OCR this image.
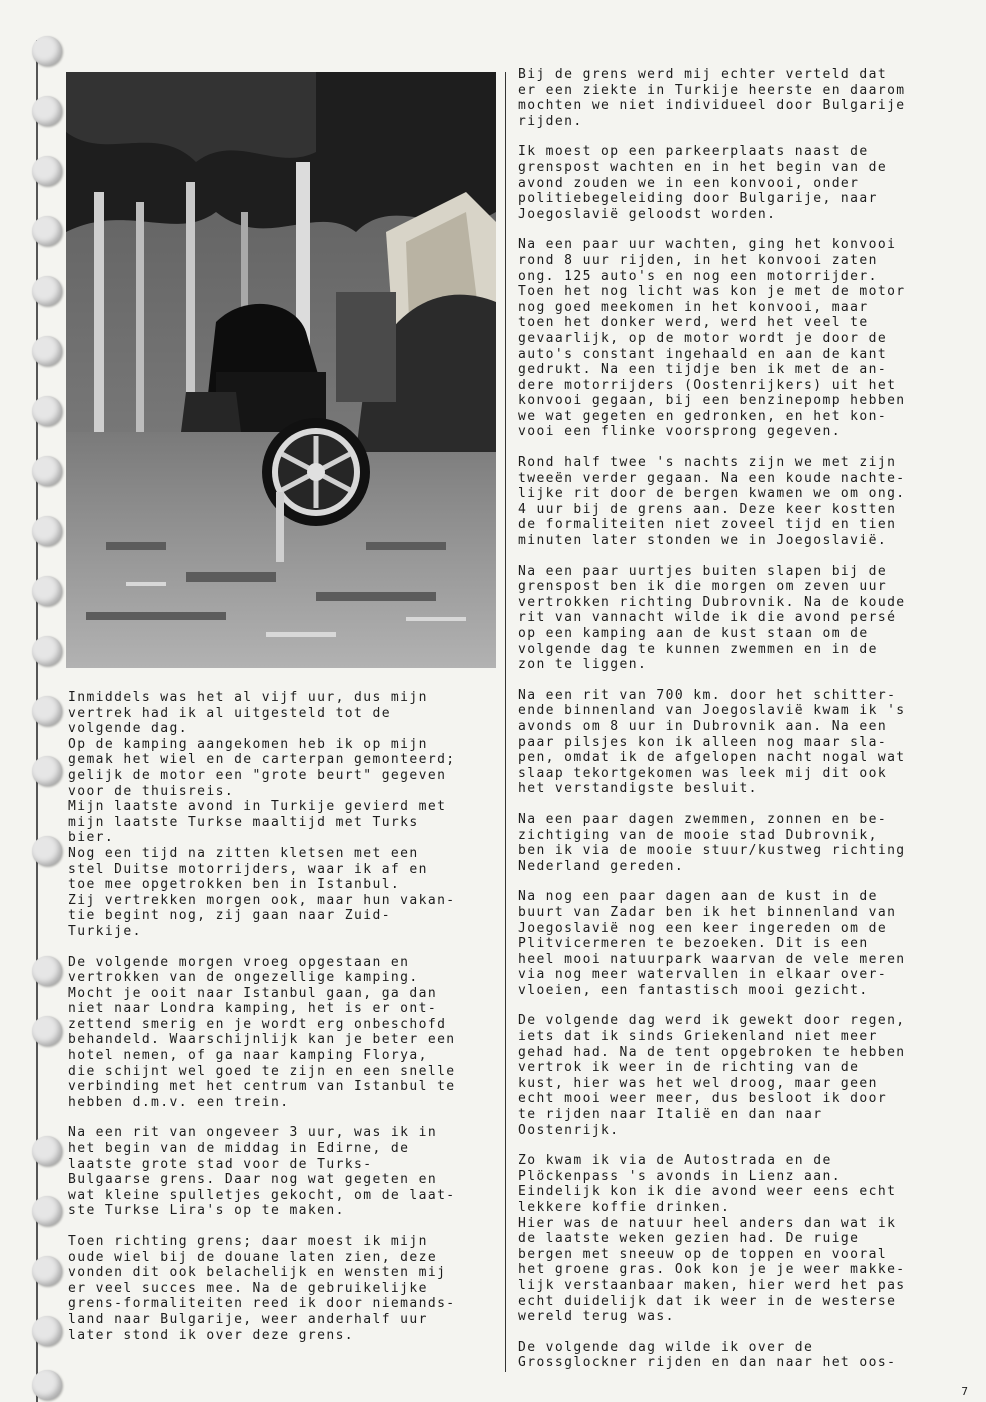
Inmiddels was het al vijf uur, dus mijn
vertrek had ik al uitgesteld tot de
volgende dag.
Op de kamping aangekomen heb ik op mijn
gemak het wiel en de carterpan gemonteerd;
gelijk de motor een "grote beurt" gegeven
voor de thuisreis.
Mijn laatste avond in Turkije gevierd met
mijn laatste Turkse maaltijd met Turks
bier.
Nog een tijd na zitten kletsen met een
stel Duitse motorrijders, waar ik af en
toe mee opgetrokken ben in Istanbul.
Zij vertrekken morgen ook, maar hun vakan-
tie begint nog, zij gaan naar Zuid-
Turkije.

De volgende morgen vroeg opgestaan en
vertrokken van de ongezellige kamping.
Mocht je ooit naar Istanbul gaan, ga dan
niet naar Londra kamping, het is er ont-
zettend smerig en je wordt erg onbeschofd
behandeld. Waarschijnlijk kan je beter een
hotel nemen, of ga naar kamping Florya,
die schijnt wel goed te zijn en een snelle
verbinding met het centrum van Istanbul te
hebben d.m.v. een trein.

Na een rit van ongeveer 3 uur, was ik in
het begin van de middag in Edirne, de
laatste grote stad voor de Turks-
Bulgaarse grens. Daar nog wat gegeten en
wat kleine spulletjes gekocht, om de laat-
ste Turkse Lira's op te maken.

Toen richting grens; daar moest ik mijn
oude wiel bij de douane laten zien, deze
vonden dit ook belachelijk en wensten mij
er veel succes mee. Na de gebruikelijke
grens-formaliteiten reed ik door niemands-
land naar Bulgarije, weer anderhalf uur
later stond ik over deze grens.

Bij de grens werd mij echter verteld dat
er een ziekte in Turkije heerste en daarom
mochten we niet individueel door Bulgarije
rijden.

Ik moest op een parkeerplaats naast de
grenspost wachten en in het begin van de
avond zouden we in een konvooi, onder
politiebegeleiding door Bulgarije, naar
Joegoslavië geloodst worden.

Na een paar uur wachten, ging het konvooi
rond 8 uur rijden, in het konvooi zaten
ong. 125 auto's en nog een motorrijder.
Toen het nog licht was kon je met de motor
nog goed meekomen in het konvooi, maar
toen het donker werd, werd het veel te
gevaarlijk, op de motor wordt je door de
auto's constant ingehaald en aan de kant
gedrukt. Na een tijdje ben ik met de an-
dere motorrijders (Oostenrijkers) uit het
konvooi gegaan, bij een benzinepomp hebben
we wat gegeten en gedronken, en het kon-
vooi een flinke voorsprong gegeven.

Rond half twee 's nachts zijn we met zijn
tweeën verder gegaan. Na een koude nachte-
lijke rit door de bergen kwamen we om ong.
4 uur bij de grens aan. Deze keer kostten
de formaliteiten niet zoveel tijd en tien
minuten later stonden we in Joegoslavië.

Na een paar uurtjes buiten slapen bij de
grenspost ben ik die morgen om zeven uur
vertrokken richting Dubrovnik. Na de koude
rit van vannacht wilde ik die avond persé
op een kamping aan de kust staan om de
volgende dag te kunnen zwemmen en in de
zon te liggen.

Na een rit van 700 km. door het schitter-
ende binnenland van Joegoslavië kwam ik 's
avonds om 8 uur in Dubrovnik aan. Na een
paar pilsjes kon ik alleen nog maar sla-
pen, omdat ik de afgelopen nacht nogal wat
slaap tekortgekomen was leek mij dit ook
het verstandigste besluit.

Na een paar dagen zwemmen, zonnen en be-
zichtiging van de mooie stad Dubrovnik,
ben ik via de mooie stuur/kustweg richting
Nederland gereden.

Na nog een paar dagen aan de kust in de
buurt van Zadar ben ik het binnenland van
Joegoslavië nog een keer ingereden om de
Plitvicermeren te bezoeken. Dit is een
heel mooi natuurpark waarvan de vele meren
via nog meer watervallen in elkaar over-
vloeien, een fantastisch mooi gezicht.

De volgende dag werd ik gewekt door regen,
iets dat ik sinds Griekenland niet meer
gehad had. Na de tent opgebroken te hebben
vertrok ik weer in de richting van de
kust, hier was het wel droog, maar geen
echt mooi weer meer, dus besloot ik door
te rijden naar Italië en dan naar
Oostenrijk.

Zo kwam ik via de Autostrada en de
Plöckenpass 's avonds in Lienz aan.
Eindelijk kon ik die avond weer eens echt
lekkere koffie drinken.
Hier was de natuur heel anders dan wat ik
de laatste weken gezien had. De ruige
bergen met sneeuw op de toppen en vooral
het groene gras. Ook kon je je weer makke-
lijk verstaanbaar maken, hier werd het pas
echt duidelijk dat ik weer in de westerse
wereld terug was.

De volgende dag wilde ik over de
Grossglockner rijden en dan naar het oos-

7
